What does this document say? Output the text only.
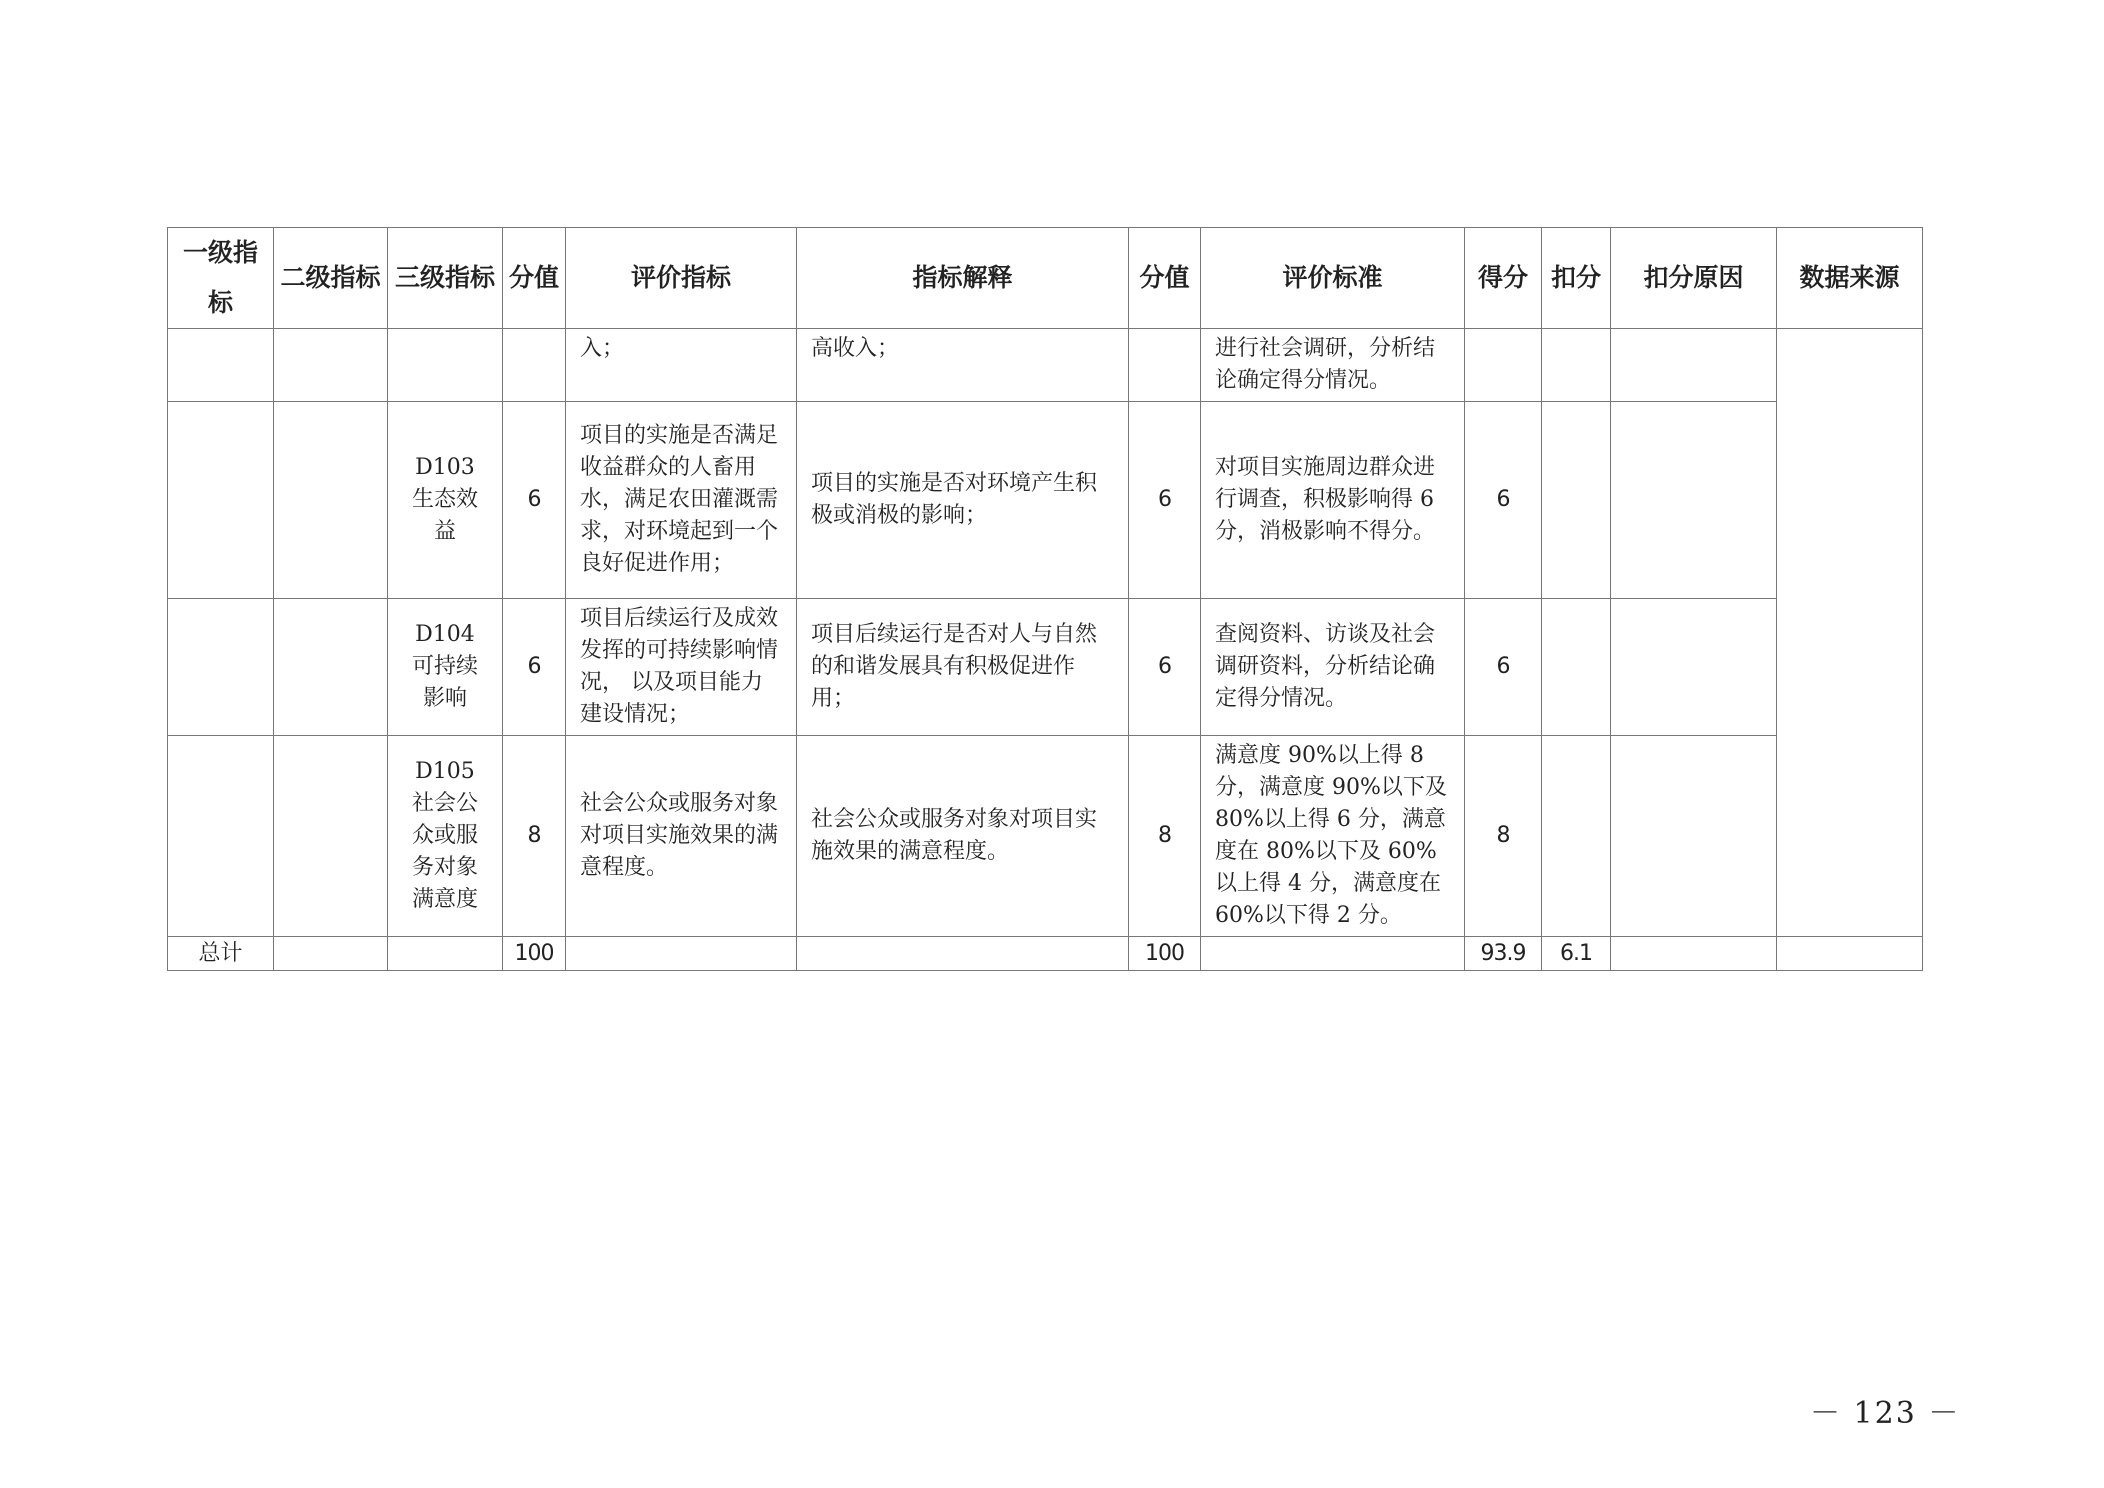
一级指标	二级指标	三级指标	分值	评价指标	指标解释	分值	评价标准	得分	扣分	扣分原因	数据来源
				入；	高收入；		进行社会调研，分析结论确定得分情况。				
		D103 生态效益	6	项目的实施是否满足收益群众的人畜用水，满足农田灌溉需求，对环境起到一个良好促进作用；	项目的实施是否对环境产生积极或消极的影响；	6	对项目实施周边群众进行调查，积极影响得 6 分，消极影响不得分。	6			
		D104 可持续影响	6	项目后续运行及成效发挥的可持续影响情况， 以及项目能力建设情况；	项目后续运行是否对人与自然的和谐发展具有积极促进作用；	6	查阅资料、访谈及社会调研资料，分析结论确定得分情况。	6			
		D105 社会公众或服务对象满意度	8	社会公众或服务对象对项目实施效果的满意程度。	社会公众或服务对象对项目实施效果的满意程度。	8	满意度 90%以上得 8 分，满意度 90%以下及 80%以上得 6 分，满意度在 80%以下及 60%以上得 4 分，满意度在 60%以下得 2 分。	8			
总计			100			100		93.9	6.1		
－ 123 －
